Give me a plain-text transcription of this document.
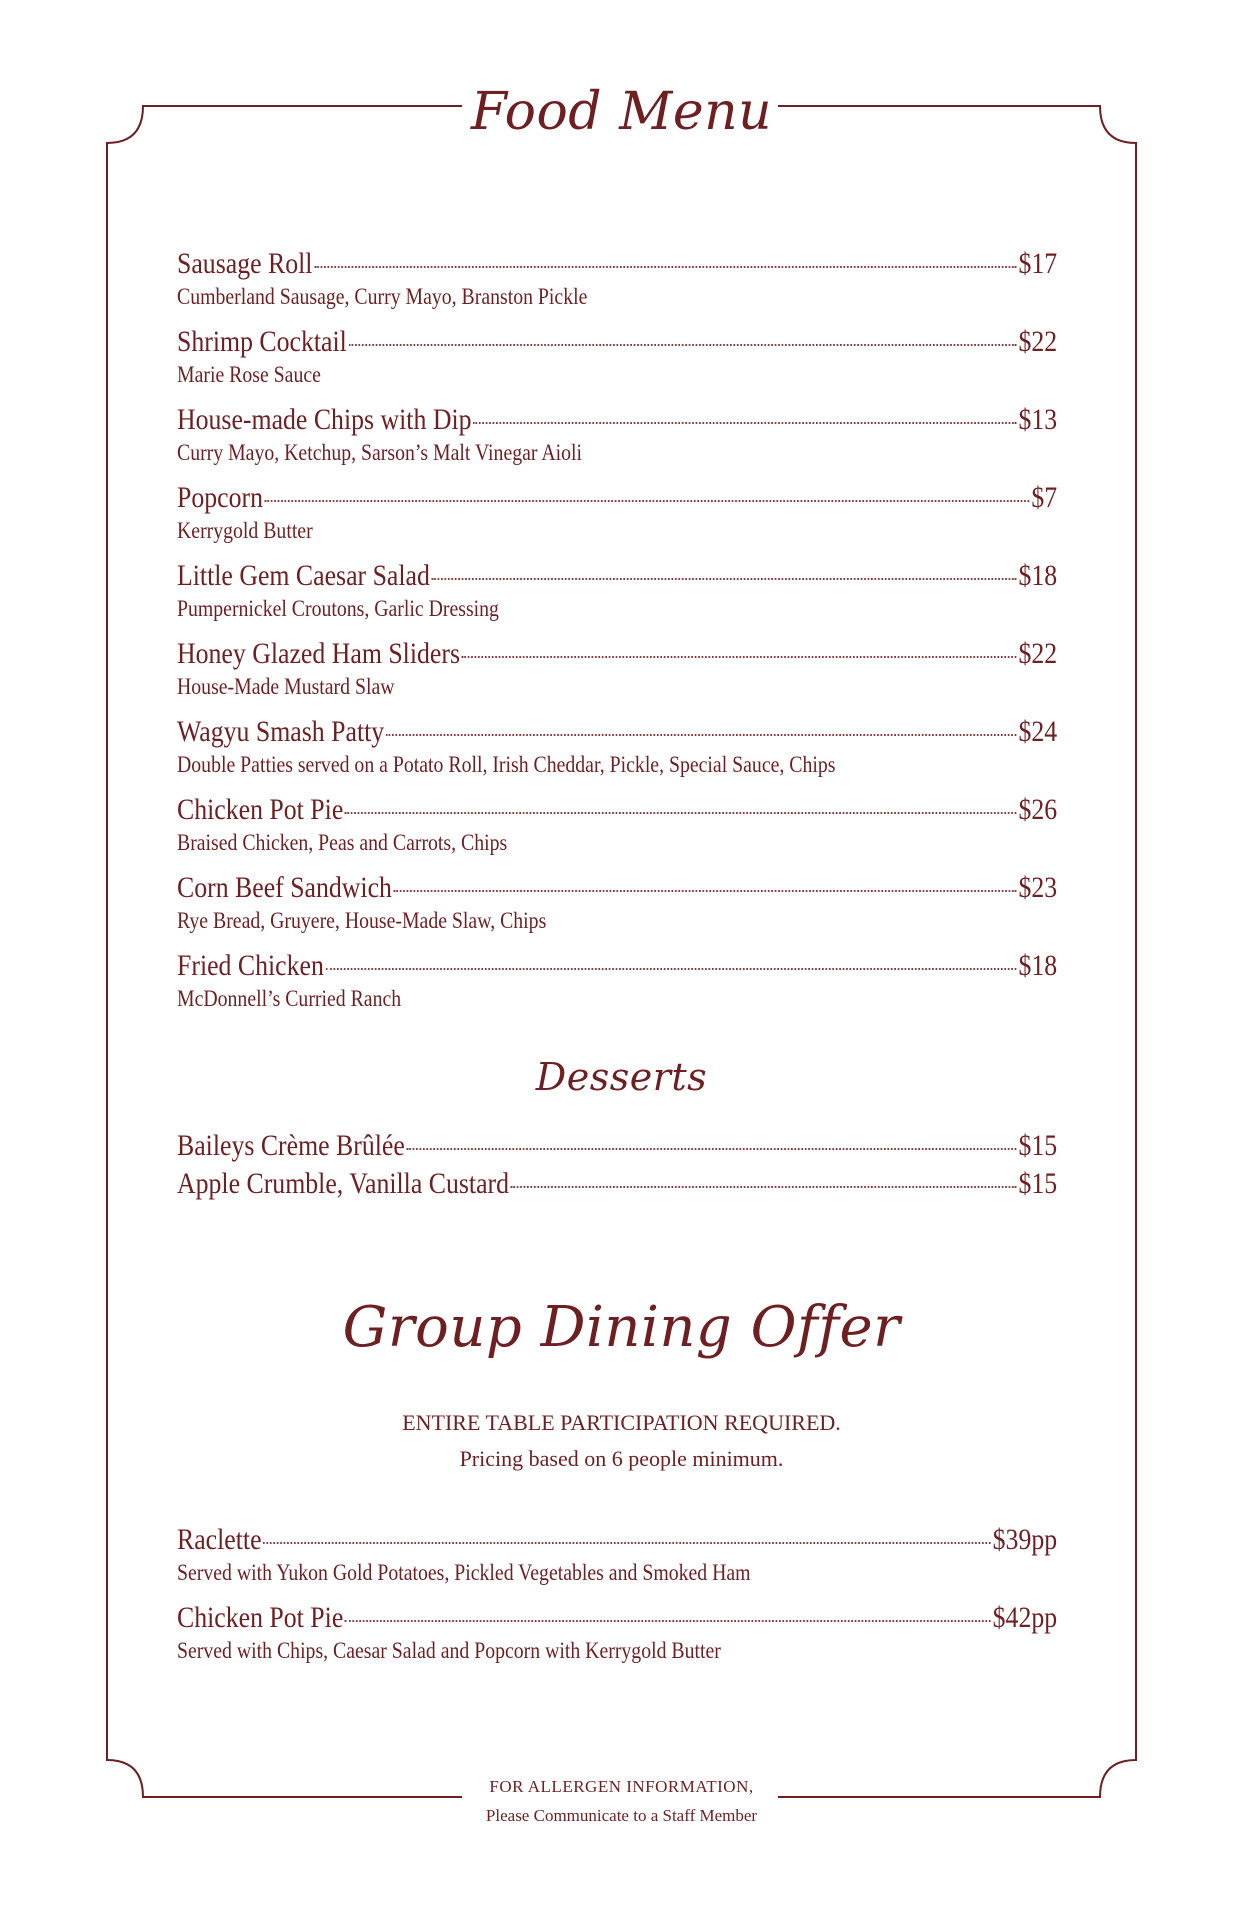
Food Menu
Sausage Roll	$17
Cumberland Sausage, Curry Mayo, Branston Pickle
Shrimp Cocktail	$22
Marie Rose Sauce
House-made Chips with Dip	$13
Curry Mayo, Ketchup, Sarson’s Malt Vinegar Aioli
Popcorn	$7
Kerrygold Butter
Little Gem Caesar Salad	$18
Pumpernickel Croutons, Garlic Dressing
Honey Glazed Ham Sliders	$22
House-Made Mustard Slaw
Wagyu Smash Patty	$24
Double Patties served on a Potato Roll, Irish Cheddar, Pickle, Special Sauce, Chips
Chicken Pot Pie	$26
Braised Chicken, Peas and Carrots, Chips
Corn Beef Sandwich	$23
Rye Bread, Gruyere, House-Made Slaw, Chips
Fried Chicken	$18
McDonnell’s Curried Ranch
Desserts
Baileys Crème Brûlée	$15
Apple Crumble, Vanilla Custard	$15
Group Dining Offer
ENTIRE TABLE PARTICIPATION REQUIRED.
Pricing based on 6 people minimum.
Raclette	$39pp
Served with Yukon Gold Potatoes, Pickled Vegetables and Smoked Ham
Chicken Pot Pie	$42pp
Served with Chips, Caesar Salad and Popcorn with Kerrygold Butter
FOR ALLERGEN INFORMATION,
Please Communicate to a Staff Member
